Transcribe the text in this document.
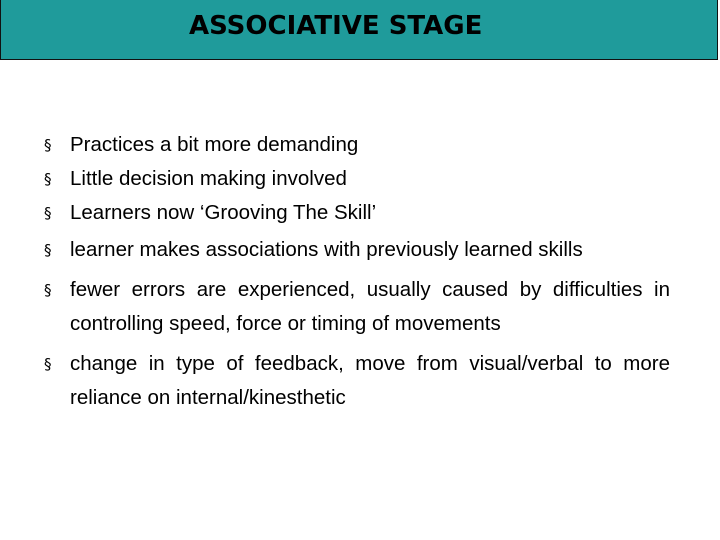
ASSOCIATIVE STAGE
§ Practices a bit more demanding
§ Little decision making involved
§ Learners now ‘Grooving The Skill’
§ learner makes associations with previously learned skills
§ fewer errors are experienced, usually caused by difficulties in controlling speed, force or timing of movements
§ change in type of feedback, move from visual/verbal to more reliance on internal/kinesthetic
